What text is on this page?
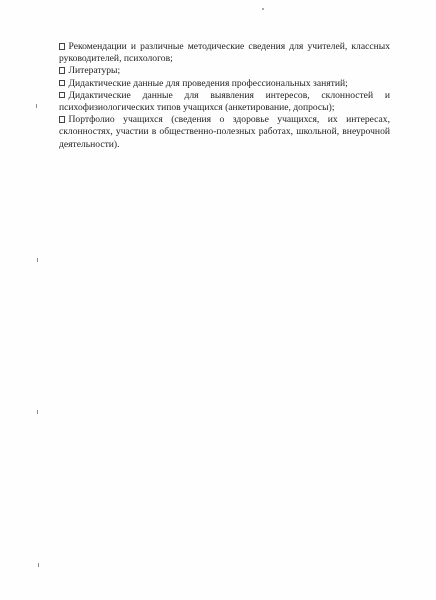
Рекомендации и различные методические сведения для учителей, классных руководителей, психологов;

Литературы;

Дидактические данные для проведения профессиональных занятий;

Дидактические данные для выявления интересов, склонностей и психофизиологических типов учащихся (анкетирование, допросы);

Портфолио учащихся (сведения о здоровье учащихся, их интересах, склонностях, участии в общественно-полезных работах, школьной, внеурочной деятельности).
